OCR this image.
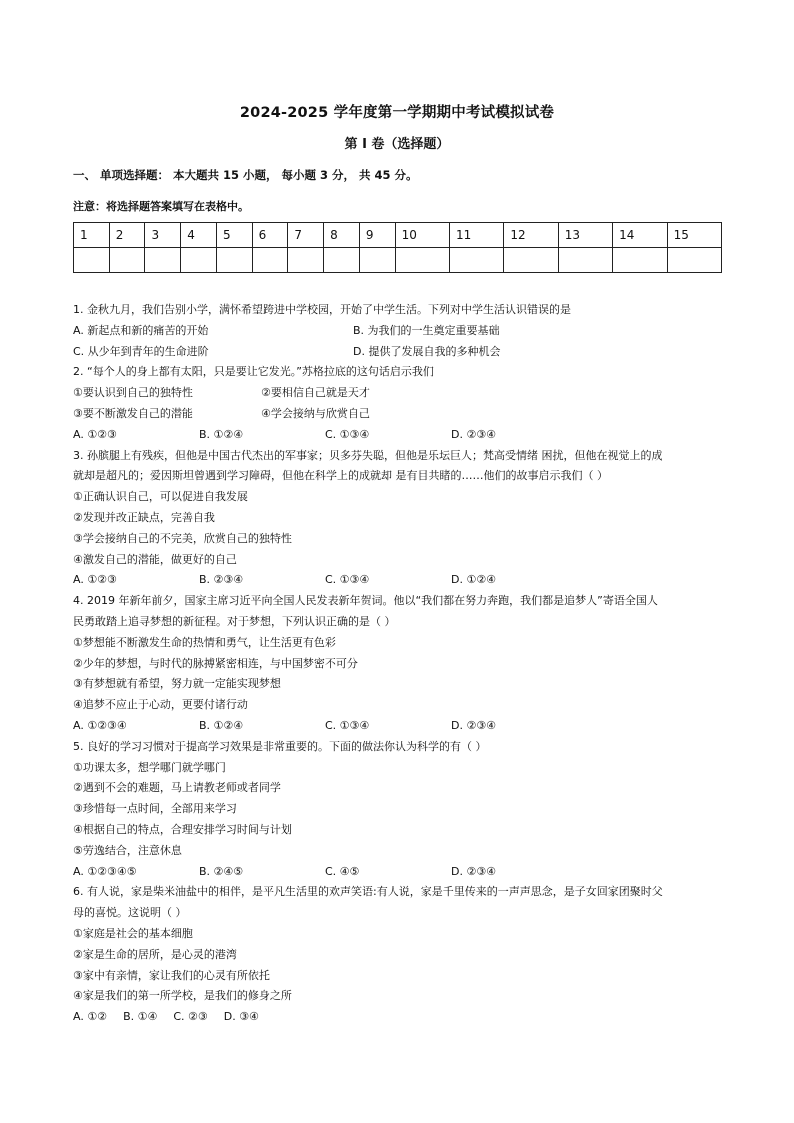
2024-2025 学年度第一学期期中考试模拟试卷
第 I 卷（选择题）
一、 单项选择题： 本大题共 15 小题， 每小题 3 分， 共 45 分。
注意：将选择题答案填写在表格中。
1	2	3	4	5	6	7	8	9	10	11	12	13	14	15

1. 金秋九月，我们告别小学，满怀希望跨进中学校园，开始了中学生活。下列对中学生活认识错误的是
A. 新起点和新的痛苦的开始	B. 为我们的一生奠定重要基础
C. 从少年到青年的生命进阶	D. 提供了发展自我的多种机会
2. “每个人的身上都有太阳，只是要让它发光。”苏格拉底的这句话启示我们
①要认识到自己的独特性	②要相信自己就是天才
③要不断激发自己的潜能	④学会接纳与欣赏自己
A. ①②③	B. ①②④	C. ①③④	D. ②③④
3. 孙膑腿上有残疾，但他是中国古代杰出的军事家；贝多芬失聪，但他是乐坛巨人；梵高受情绪 困扰，但他在视觉上的成
就却是超凡的；爱因斯坦曾遇到学习障碍，但他在科学上的成就却 是有目共睹的……他们的故事启示我们（ ）
①正确认识自己，可以促进自我发展
②发现并改正缺点，完善自我
③学会接纳自己的不完美，欣赏自己的独特性
④激发自己的潜能，做更好的自己
A. ①②③	B. ②③④	C. ①③④	D. ①②④
4. 2019 年新年前夕，国家主席习近平向全国人民发表新年贺词。他以“我们都在努力奔跑，我们都是追梦人”寄语全国人
民勇敢踏上追寻梦想的新征程。对于梦想，下列认识正确的是（ ）
①梦想能不断激发生命的热情和勇气，让生活更有色彩
②少年的梦想，与时代的脉搏紧密相连，与中国梦密不可分
③有梦想就有希望，努力就一定能实现梦想
④追梦不应止于心动，更要付诸行动
A. ①②③④	B. ①②④	C. ①③④	D. ②③④
5. 良好的学习习惯对于提高学习效果是非常重要的。下面的做法你认为科学的有（ ）
①功课太多，想学哪门就学哪门
②遇到不会的难题，马上请教老师或者同学
③珍惜每一点时间，全部用来学习
④根据自己的特点，合理安排学习时间与计划
⑤劳逸结合，注意休息
A. ①②③④⑤	B. ②④⑤	C. ④⑤	D. ②③④
6. 有人说，家是柴米油盐中的相伴，是平凡生活里的欢声笑语:有人说，家是千里传来的一声声思念，是子女回家团聚时父
母的喜悦。这说明（ ）
①家庭是社会的基本细胞
②家是生命的居所，是心灵的港湾
③家中有亲情，家让我们的心灵有所依托
④家是我们的第一所学校，是我们的修身之所
A. ①② B. ①④ C. ②③ D. ③④
